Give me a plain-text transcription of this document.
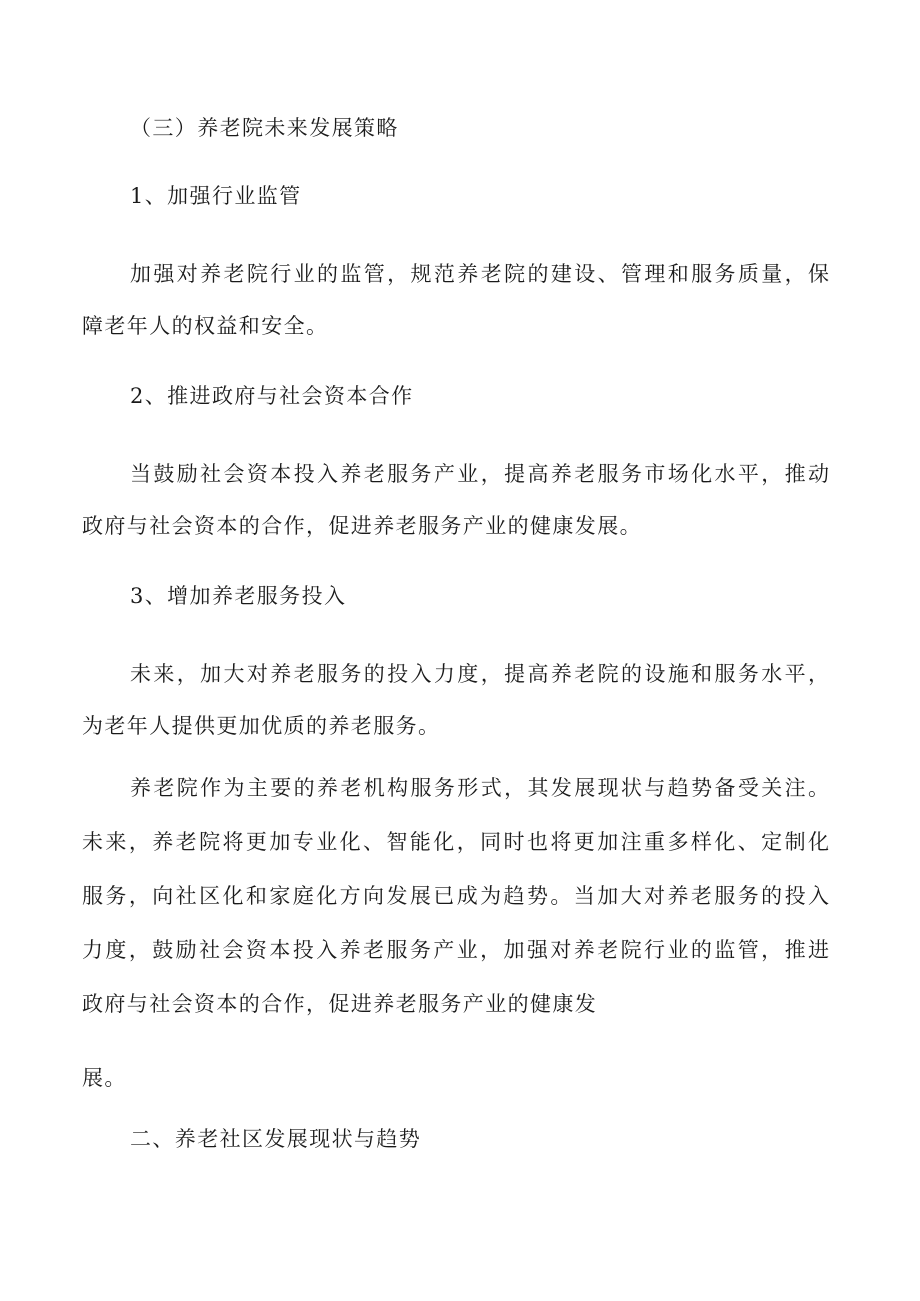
（三）养老院未来发展策略
1、加强行业监管
加强对养老院行业的监管，规范养老院的建设、管理和服务质量，保
障老年人的权益和安全。
2、推进政府与社会资本合作
当鼓励社会资本投入养老服务产业，提高养老服务市场化水平，推动
政府与社会资本的合作，促进养老服务产业的健康发展。
3、增加养老服务投入
未来，加大对养老服务的投入力度，提高养老院的设施和服务水平，
为老年人提供更加优质的养老服务。
养老院作为主要的养老机构服务形式，其发展现状与趋势备受关注。
未来，养老院将更加专业化、智能化，同时也将更加注重多样化、定制化
服务，向社区化和家庭化方向发展已成为趋势。当加大对养老服务的投入
力度，鼓励社会资本投入养老服务产业，加强对养老院行业的监管，推进
政府与社会资本的合作，促进养老服务产业的健康发
展。
二、养老社区发展现状与趋势
